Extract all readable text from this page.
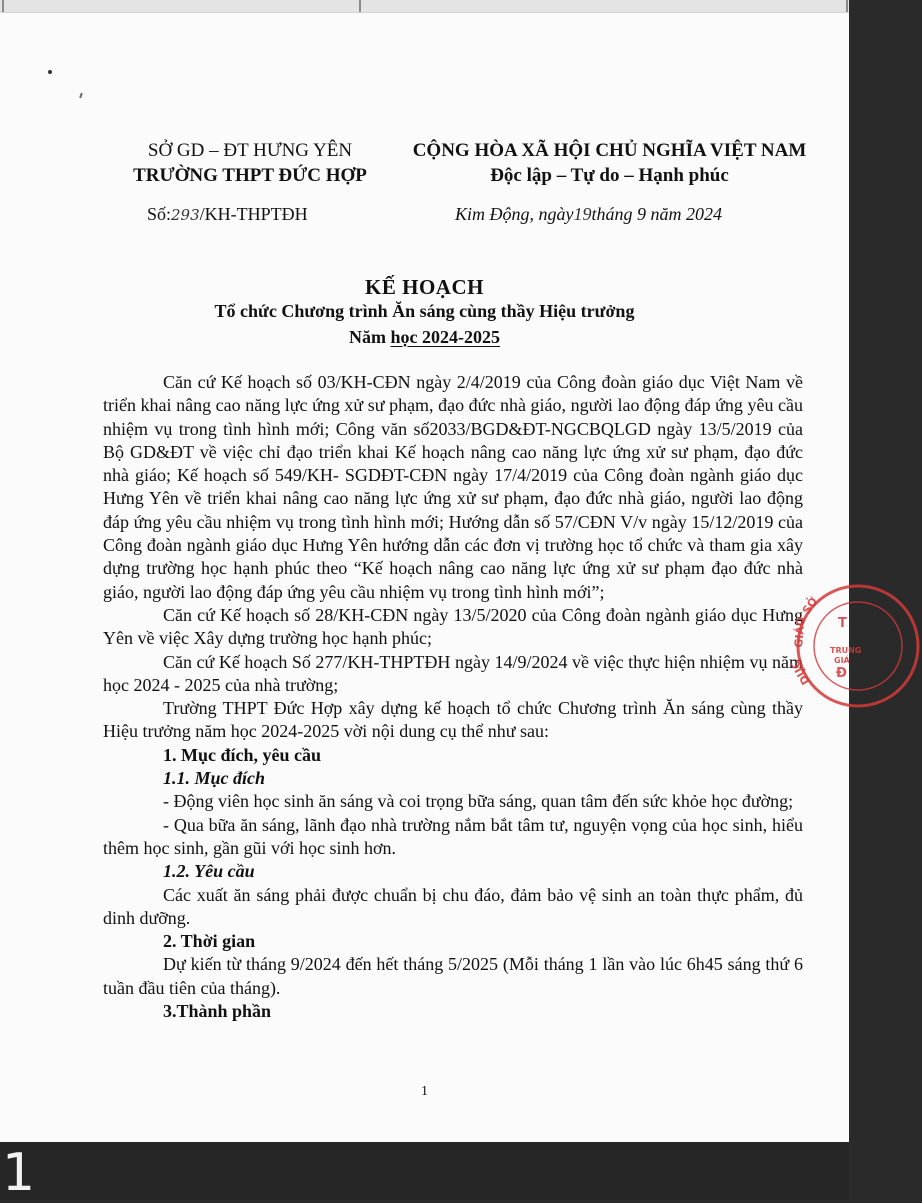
SỞ GD – ĐT HƯNG YÊN
TRƯỜNG THPT ĐỨC HỢP
CỘNG HÒA XÃ HỘI CHỦ NGHĨA VIỆT NAM
Độc lập – Tự do – Hạnh phúc
Số:293/KH-THPTĐH	Kim Động, ngày19tháng 9 năm 2024
KẾ HOẠCH
Tổ chức Chương trình Ăn sáng cùng thầy Hiệu trưởng
Năm học 2024-2025

Căn cứ Kế hoạch số 03/KH-CĐN ngày 2/4/2019 của Công đoàn giáo dục Việt Nam về triển khai nâng cao năng lực ứng xử sư phạm, đạo đức nhà giáo, người lao động đáp ứng yêu cầu nhiệm vụ trong tình hình mới; Công văn số2033/BGD&ĐT-NGCBQLGD ngày 13/5/2019 của Bộ GD&ĐT về việc chỉ đạo triển khai Kế hoạch nâng cao năng lực ứng xử sư phạm, đạo đức nhà giáo; Kế hoạch số 549/KH- SGDĐT-CĐN ngày 17/4/2019 của Công đoàn ngành giáo dục Hưng Yên về triển khai nâng cao năng lực ứng xử sư phạm, đạo đức nhà giáo, người lao động đáp ứng yêu cầu nhiệm vụ trong tình hình mới; Hướng dẫn số 57/CĐN V/v ngày 15/12/2019 của Công đoàn ngành giáo dục Hưng Yên hướng dẫn các đơn vị trường học tổ chức và tham gia xây dựng trường học hạnh phúc theo “Kế hoạch nâng cao năng lực ứng xử sư phạm đạo đức nhà giáo, người lao động đáp ứng yêu cầu nhiệm vụ trong tình hình mới”;

Căn cứ Kế hoạch số 28/KH-CĐN ngày 13/5/2020 của Công đoàn ngành giáo dục Hưng Yên về việc Xây dựng trường học hạnh phúc;

Căn cứ Kế hoạch Số 277/KH-THPTĐH ngày 14/9/2024 về việc thực hiện nhiệm vụ năm học 2024 - 2025 của nhà trường;

Trường THPT Đức Hợp xây dựng kế hoạch tổ chức Chương trình Ăn sáng cùng thầy Hiệu trưởng năm học 2024-2025 vời nội dung cụ thể như sau:

1. Mục đích, yêu cầu

1.1. Mục đích

- Động viên học sinh ăn sáng và coi trọng bữa sáng, quan tâm đến sức khỏe học đường;

- Qua bữa ăn sáng, lãnh đạo nhà trường nắm bắt tâm tư, nguyện vọng của học sinh, hiểu thêm học sinh, gần gũi với học sinh hơn.

1.2. Yêu cầu

Các xuất ăn sáng phải được chuẩn bị chu đáo, đảm bảo vệ sinh an toàn thực phẩm, đủ dinh dưỡng.

2. Thời gian

Dự kiến từ tháng 9/2024 đến hết tháng 5/2025 (Mỗi tháng 1 lần vào lúc 6h45 sáng thứ 6 tuần đầu tiên của tháng).

3.Thành phần

1
SỞ
GIÁO
DỤC
T
TRUNG
GIÁ
Đ
1
